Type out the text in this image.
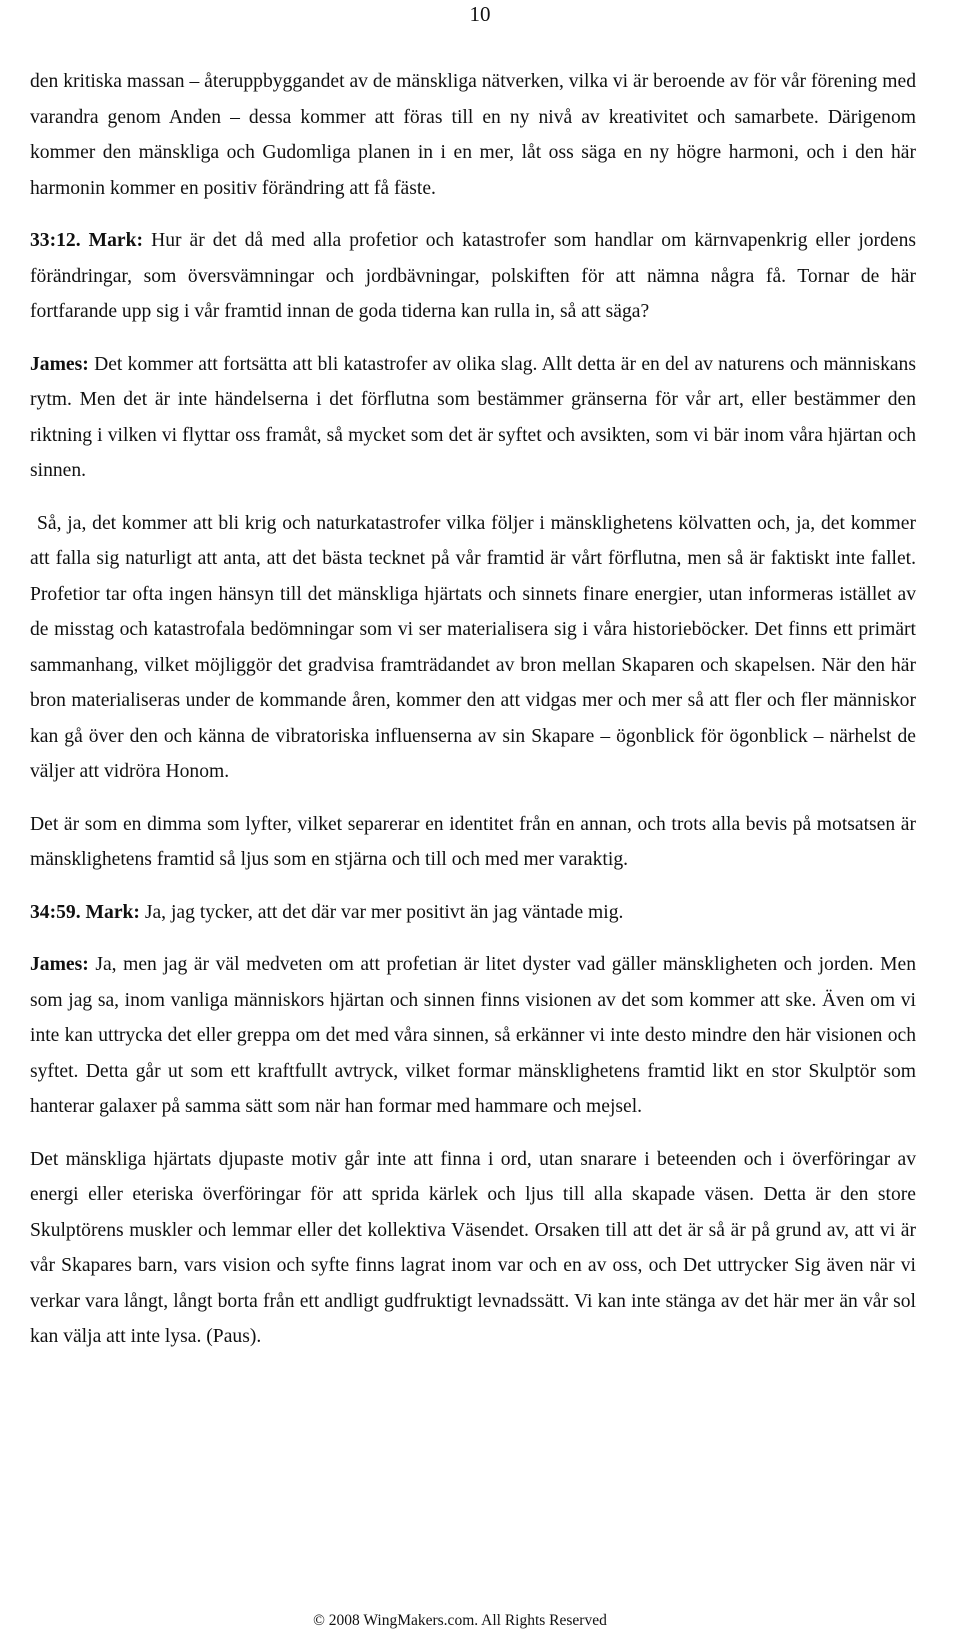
10

den kritiska massan – återuppbyggandet av de mänskliga nätverken, vilka vi är beroende av för vår förening med varandra genom Anden – dessa kommer att föras till en ny nivå av kreativitet och samarbete. Därigenom kommer den mänskliga och Gudomliga planen in i en mer, låt oss säga en ny högre harmoni, och i den här harmonin kommer en positiv förändring att få fäste.

33:12. Mark: Hur är det då med alla profetior och katastrofer som handlar om kärnvapenkrig eller jordens förändringar, som översvämningar och jordbävningar, polskiften för att nämna några få. Tornar de här fortfarande upp sig i vår framtid innan de goda tiderna kan rulla in, så att säga?

James: Det kommer att fortsätta att bli katastrofer av olika slag. Allt detta är en del av naturens och människans rytm. Men det är inte händelserna i det förflutna som bestämmer gränserna för vår art, eller bestämmer den riktning i vilken vi flyttar oss framåt, så mycket som det är syftet och avsikten, som vi bär inom våra hjärtan och sinnen.

Så, ja, det kommer att bli krig och naturkatastrofer vilka följer i mänsklighetens kölvatten och, ja, det kommer att falla sig naturligt att anta, att det bästa tecknet på vår framtid är vårt förflutna, men så är faktiskt inte fallet. Profetior tar ofta ingen hänsyn till det mänskliga hjärtats och sinnets finare energier, utan informeras istället av de misstag och katastrofala bedömningar som vi ser materialisera sig i våra historieböcker. Det finns ett primärt sammanhang, vilket möjliggör det gradvisa framträdandet av bron mellan Skaparen och skapelsen. När den här bron materialiseras under de kommande åren, kommer den att vidgas mer och mer så att fler och fler människor kan gå över den och känna de vibratoriska influenserna av sin Skapare – ögonblick för ögonblick – närhelst de väljer att vidröra Honom.

Det är som en dimma som lyfter, vilket separerar en identitet från en annan, och trots alla bevis på motsatsen är mänsklighetens framtid så ljus som en stjärna och till och med mer varaktig.

34:59. Mark: Ja, jag tycker, att det där var mer positivt än jag väntade mig.

James: Ja, men jag är väl medveten om att profetian är litet dyster vad gäller mänskligheten och jorden. Men som jag sa, inom vanliga människors hjärtan och sinnen finns visionen av det som kommer att ske. Även om vi inte kan uttrycka det eller greppa om det med våra sinnen, så erkänner vi inte desto mindre den här visionen och syftet. Detta går ut som ett kraftfullt avtryck, vilket formar mänsklighetens framtid likt en stor Skulptör som hanterar galaxer på samma sätt som när han formar med hammare och mejsel.

Det mänskliga hjärtats djupaste motiv går inte att finna i ord, utan snarare i beteenden och i överföringar av energi eller eteriska överföringar för att sprida kärlek och ljus till alla skapade väsen. Detta är den store Skulptörens muskler och lemmar eller det kollektiva Väsendet. Orsaken till att det är så är på grund av, att vi är vår Skapares barn, vars vision och syfte finns lagrat inom var och en av oss, och Det uttrycker Sig även när vi verkar vara långt, långt borta från ett andligt gudfruktigt levnadssätt. Vi kan inte stänga av det här mer än vår sol kan välja att inte lysa. (Paus).

© 2008 WingMakers.com. All Rights Reserved
